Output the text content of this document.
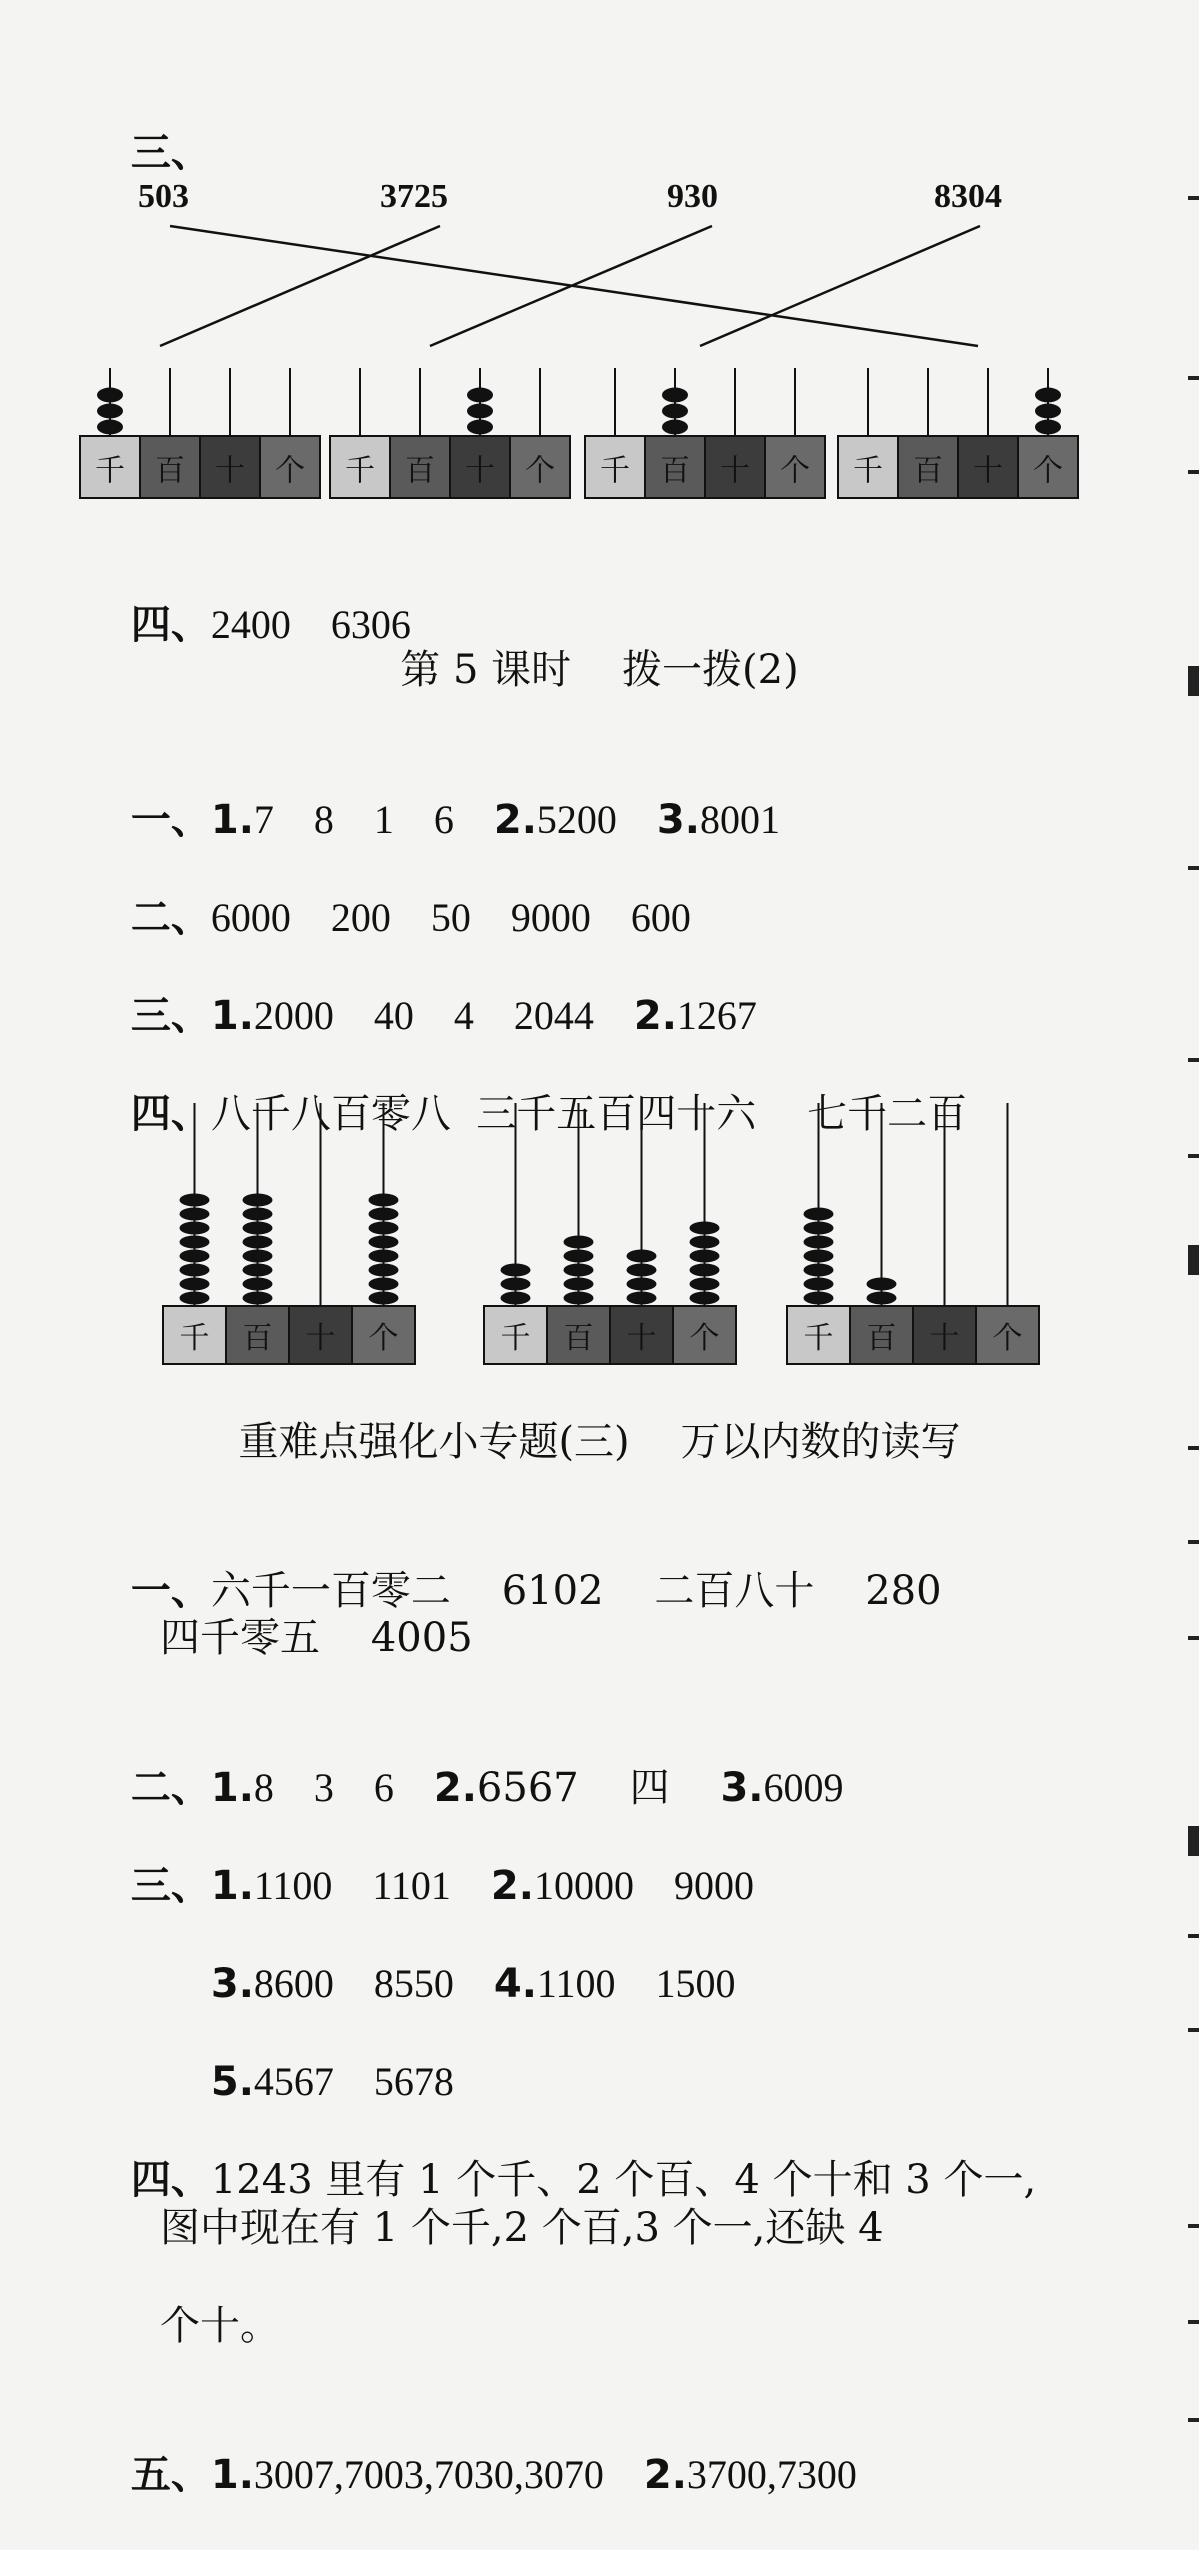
三、

503	3725	930	8304
千 百 十 个 千 百 十 个 千 百 十 个 千 百 十 个

四、2400    6306

第 5 课时    拨一拨(2)

一、1.7    8    1    6    2.5200    3.8001

二、6000    200    50    9000    600

三、1.2000    40    4    2044    2.1267

四、八千八百零八  三千五百四十六    七千二百

千 百 十 个	千 百 十 个	千 百 十 个
重难点强化小专题(三)    万以内数的读写

一、六千一百零二    6102    二百八十    280

四千零五    4005

二、1.8    3    6    2.6567    四    3.6009

三、1.1100    1101    2.10000    9000

3.8600    8550    4.1100    1500

5.4567    5678

四、1243 里有 1 个千、2 个百、4 个十和 3 个一,

图中现在有 1 个千,2 个百,3 个一,还缺 4
个十。

五、1.3007,7003,7030,3070    2.3700,7300
